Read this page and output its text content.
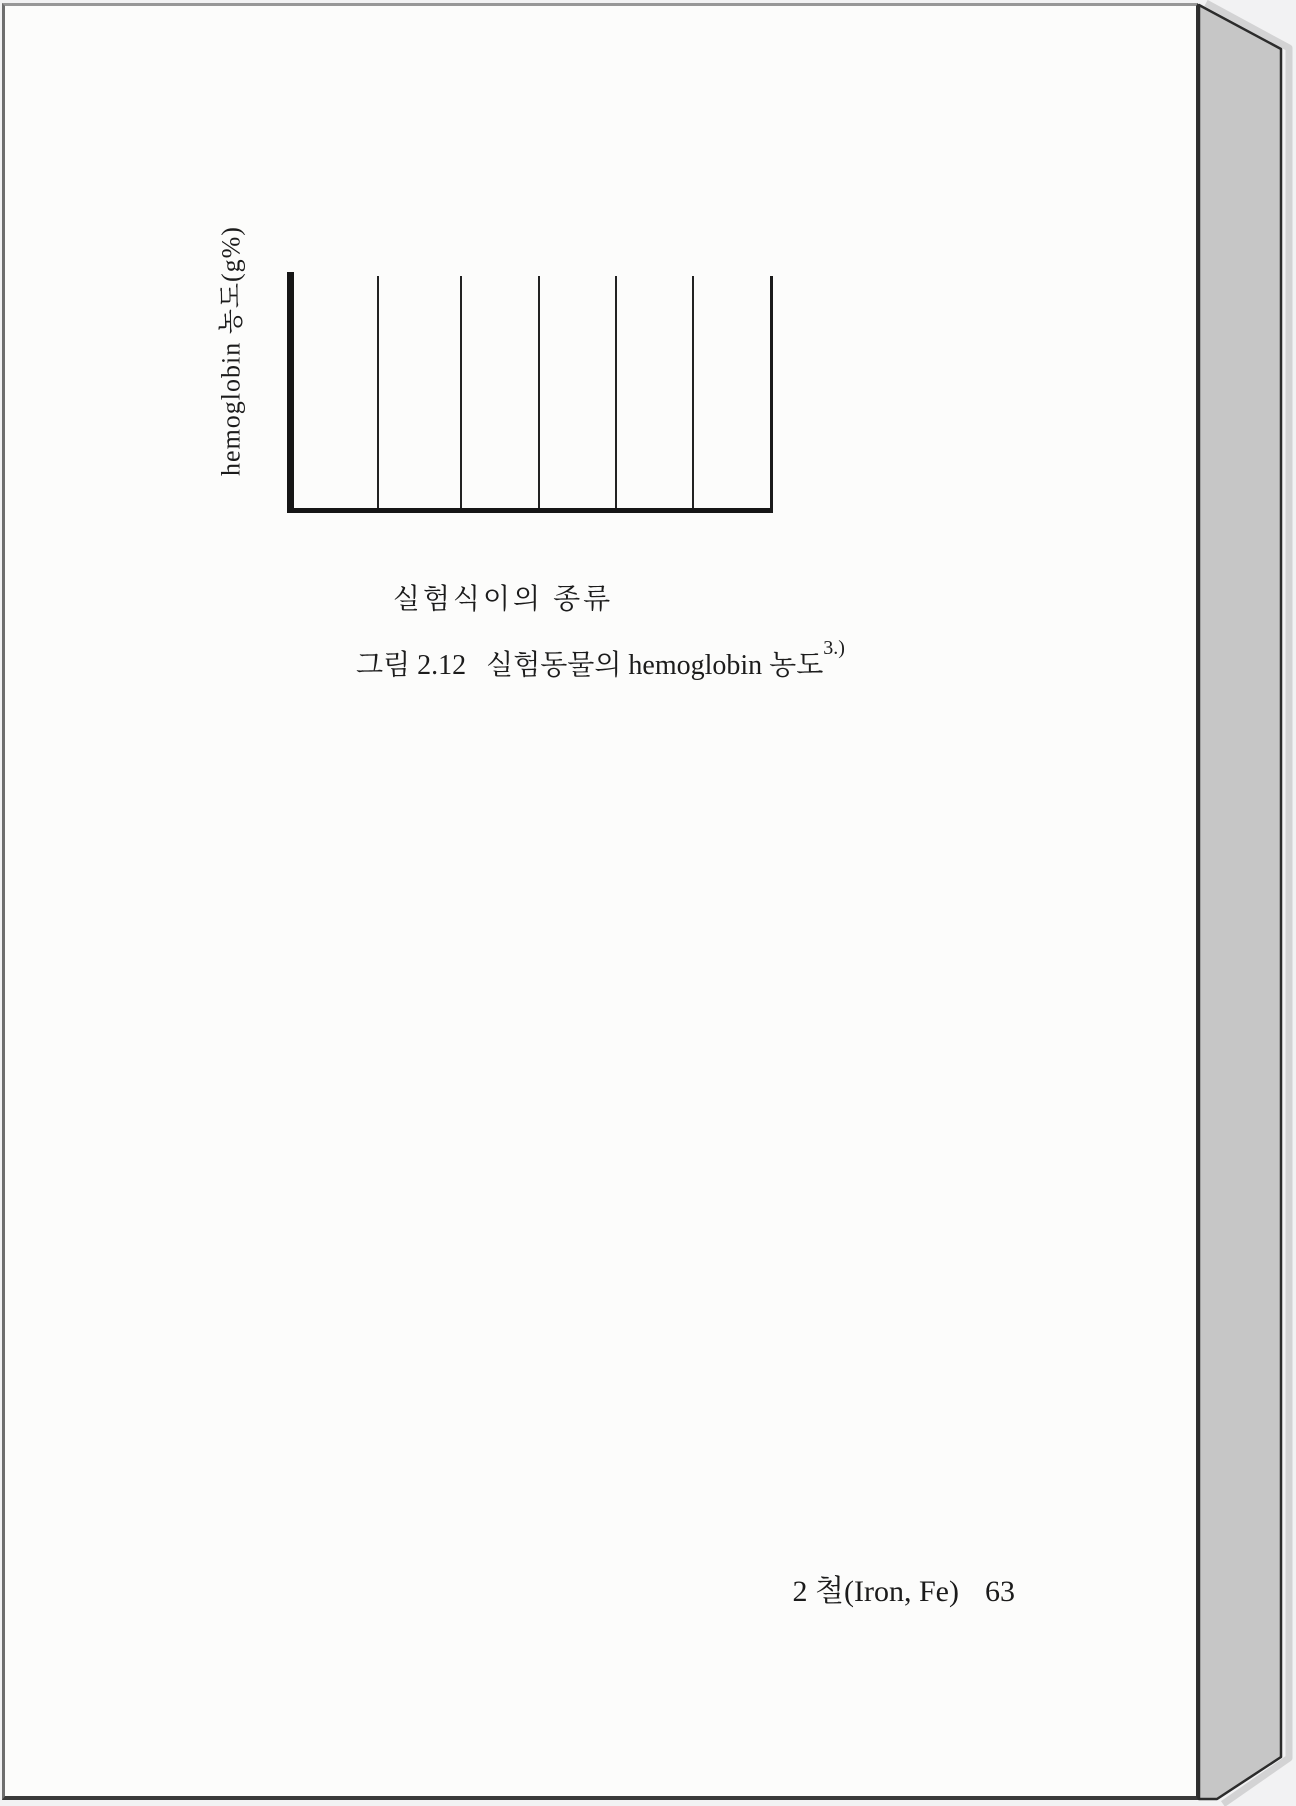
hemoglobin 농도(g%)
실험식이의 종류
그림 2.12 실험동물의 hemoglobin 농도$^{3.)}$
2 철(Iron, Fe) 63
